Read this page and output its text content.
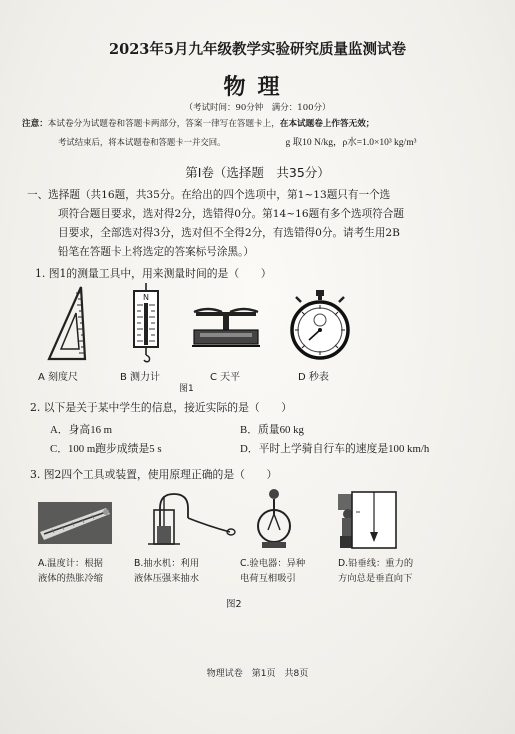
2023年5月九年级教学实验研究质量监测试卷
物理
（考试时间：90分钟　满分：100分）
注意：本试卷分为试题卷和答题卡两部分，答案一律写在答题卡上，在本试题卷上作答无效；
考试结束后，将本试题卷和答题卡一并交回。	g 取10 N/kg，ρ水=1.0×10³ kg/m³
第Ⅰ卷（选择题　共35分）
一、选择题（共16题，共35分。在给出的四个选项中，第1~13题只有一个选
项符合题目要求，选对得2分，选错得0分。第14~16题有多个选项符合题
目要求，全部选对得3分，选对但不全得2分，有选错得0分。请考生用2B
铅笔在答题卡上将选定的答案标号涂黑。）
1. 图1的测量工具中，用来测量时间的是（　　）
N
A 刻度尺	B 测力计	C 天平	D 秒表
图1
2. 以下是关于某中学生的信息，接近实际的是（　　）
A．身高16 m	B．质量60 kg
C．100 m跑步成绩是5 s	D．平时上学骑自行车的速度是100 km/h
3. 图2四个工具或装置，使用原理正确的是（　　）
A.温度计：根据
液体的热胀冷缩
B.抽水机：利用
液体压强来抽水
C.验电器：异种
电荷互相吸引
D.铅垂线：重力的
方向总是垂直向下
图2
物理试卷　第1页　共8页
